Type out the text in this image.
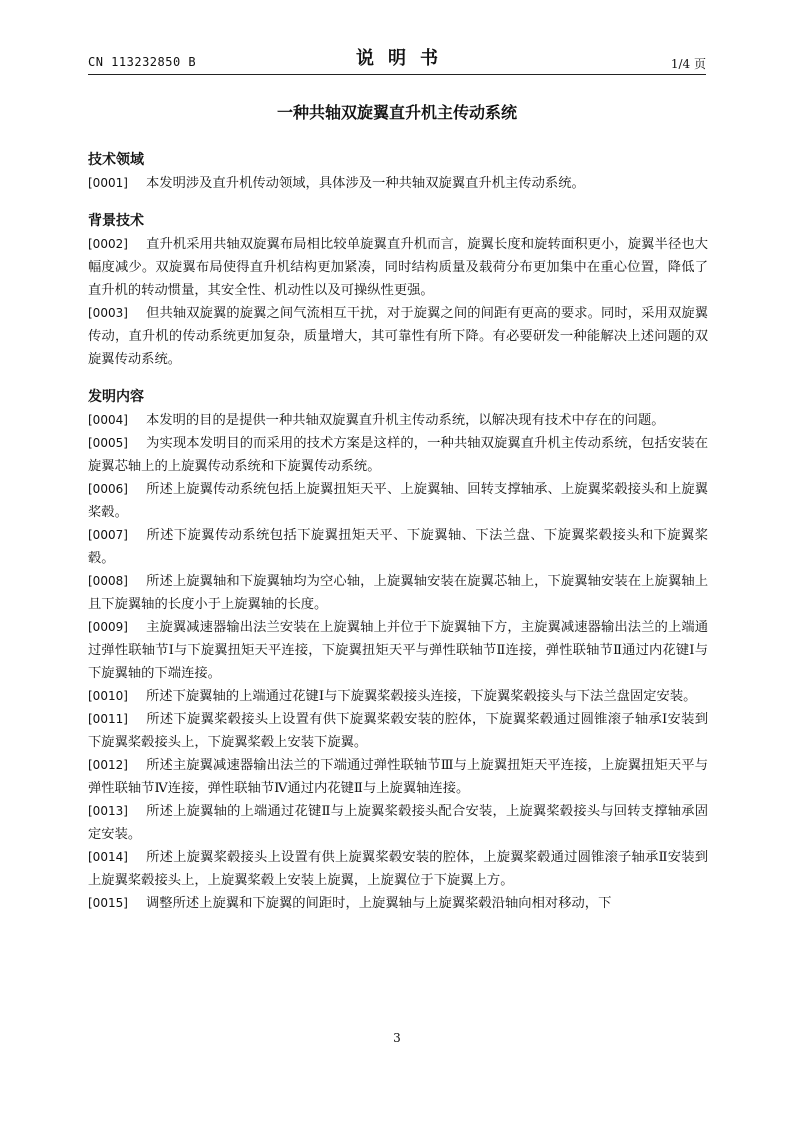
CN 113232850 B	说明书	1/4 页
一种共轴双旋翼直升机主传动系统
技术领域

[0001] 本发明涉及直升机传动领域，具体涉及一种共轴双旋翼直升机主传动系统。

背景技术

[0002] 直升机采用共轴双旋翼布局相比较单旋翼直升机而言，旋翼长度和旋转面积更小，旋翼半径也大幅度减少。双旋翼布局使得直升机结构更加紧凑，同时结构质量及载荷分布更加集中在重心位置，降低了直升机的转动惯量，其安全性、机动性以及可操纵性更强。

[0003] 但共轴双旋翼的旋翼之间气流相互干扰，对于旋翼之间的间距有更高的要求。同时，采用双旋翼传动，直升机的传动系统更加复杂，质量增大，其可靠性有所下降。有必要研发一种能解决上述问题的双旋翼传动系统。

发明内容

[0004] 本发明的目的是提供一种共轴双旋翼直升机主传动系统，以解决现有技术中存在的问题。

[0005] 为实现本发明目的而采用的技术方案是这样的，一种共轴双旋翼直升机主传动系统，包括安装在旋翼芯轴上的上旋翼传动系统和下旋翼传动系统。

[0006] 所述上旋翼传动系统包括上旋翼扭矩天平、上旋翼轴、回转支撑轴承、上旋翼桨毂接头和上旋翼桨毂。

[0007] 所述下旋翼传动系统包括下旋翼扭矩天平、下旋翼轴、下法兰盘、下旋翼桨毂接头和下旋翼桨毂。

[0008] 所述上旋翼轴和下旋翼轴均为空心轴，上旋翼轴安装在旋翼芯轴上，下旋翼轴安装在上旋翼轴上且下旋翼轴的长度小于上旋翼轴的长度。

[0009] 主旋翼减速器输出法兰安装在上旋翼轴上并位于下旋翼轴下方，主旋翼减速器输出法兰的上端通过弹性联轴节Ⅰ与下旋翼扭矩天平连接，下旋翼扭矩天平与弹性联轴节Ⅱ连接，弹性联轴节Ⅱ通过内花键Ⅰ与下旋翼轴的下端连接。

[0010] 所述下旋翼轴的上端通过花键Ⅰ与下旋翼桨毂接头连接，下旋翼桨毂接头与下法兰盘固定安装。

[0011] 所述下旋翼桨毂接头上设置有供下旋翼桨毂安装的腔体，下旋翼桨毂通过圆锥滚子轴承Ⅰ安装到下旋翼桨毂接头上，下旋翼桨毂上安装下旋翼。

[0012] 所述主旋翼减速器输出法兰的下端通过弹性联轴节Ⅲ与上旋翼扭矩天平连接，上旋翼扭矩天平与弹性联轴节Ⅳ连接，弹性联轴节Ⅳ通过内花键Ⅱ与上旋翼轴连接。

[0013] 所述上旋翼轴的上端通过花键Ⅱ与上旋翼桨毂接头配合安装，上旋翼桨毂接头与回转支撑轴承固定安装。

[0014] 所述上旋翼桨毂接头上设置有供上旋翼桨毂安装的腔体，上旋翼桨毂通过圆锥滚子轴承Ⅱ安装到上旋翼桨毂接头上，上旋翼桨毂上安装上旋翼，上旋翼位于下旋翼上方。

[0015] 调整所述上旋翼和下旋翼的间距时，上旋翼轴与上旋翼桨毂沿轴向相对移动，下

3
